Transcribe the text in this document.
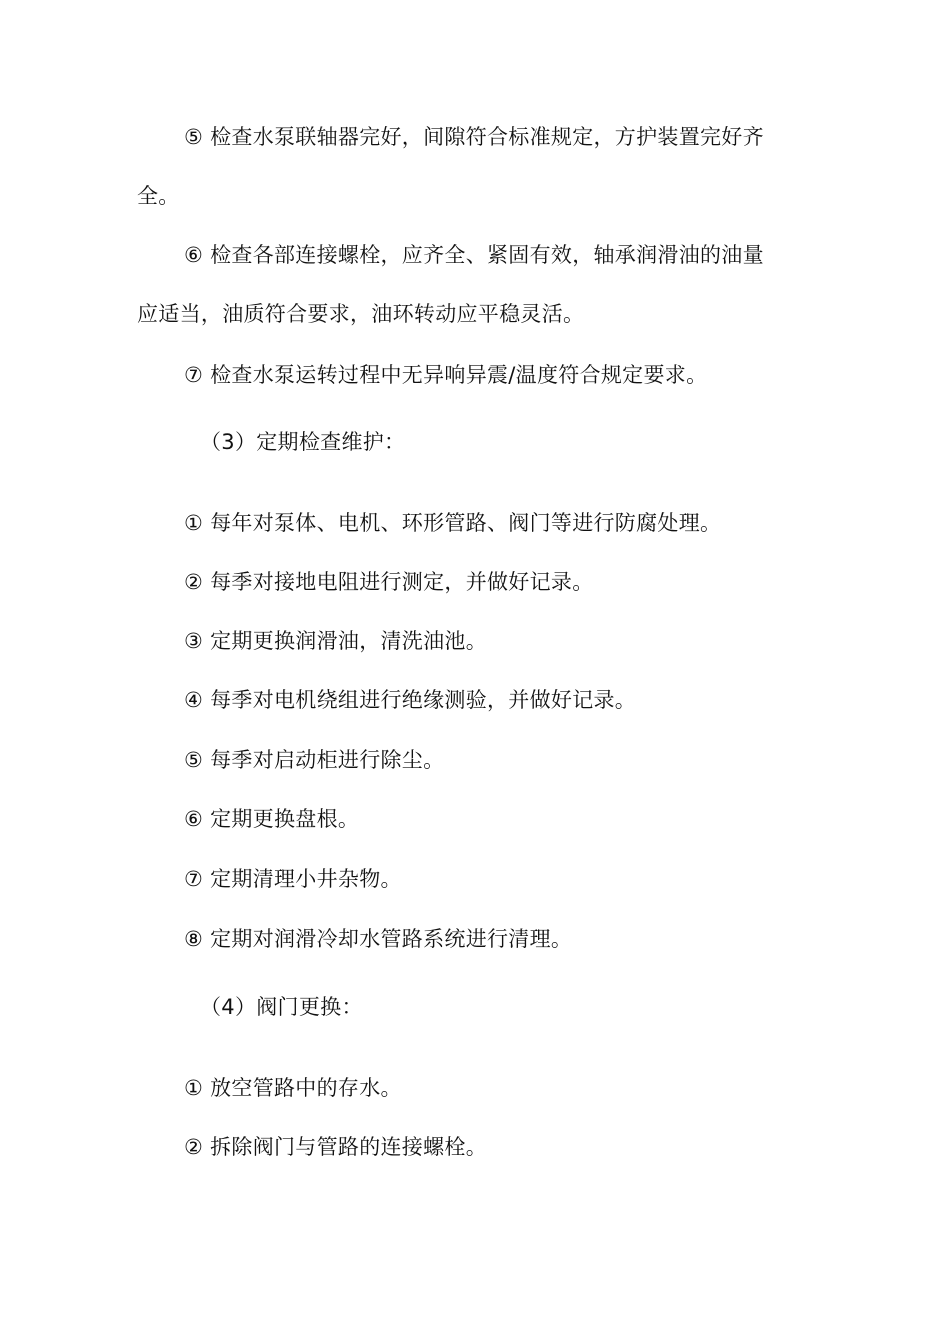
⑤ 检查水泵联轴器完好，间隙符合标准规定，方护装置完好齐
全。
⑥ 检查各部连接螺栓，应齐全、紧固有效，轴承润滑油的油量
应适当，油质符合要求，油环转动应平稳灵活。
⑦ 检查水泵运转过程中无异响异震/温度符合规定要求。
（3）定期检查维护：
① 每年对泵体、电机、环形管路、阀门等进行防腐处理。
② 每季对接地电阻进行测定，并做好记录。
③ 定期更换润滑油，清洗油池。
④ 每季对电机绕组进行绝缘测验，并做好记录。
⑤ 每季对启动柜进行除尘。
⑥ 定期更换盘根。
⑦ 定期清理小井杂物。
⑧ 定期对润滑冷却水管路系统进行清理。
（4）阀门更换：
① 放空管路中的存水。
② 拆除阀门与管路的连接螺栓。
